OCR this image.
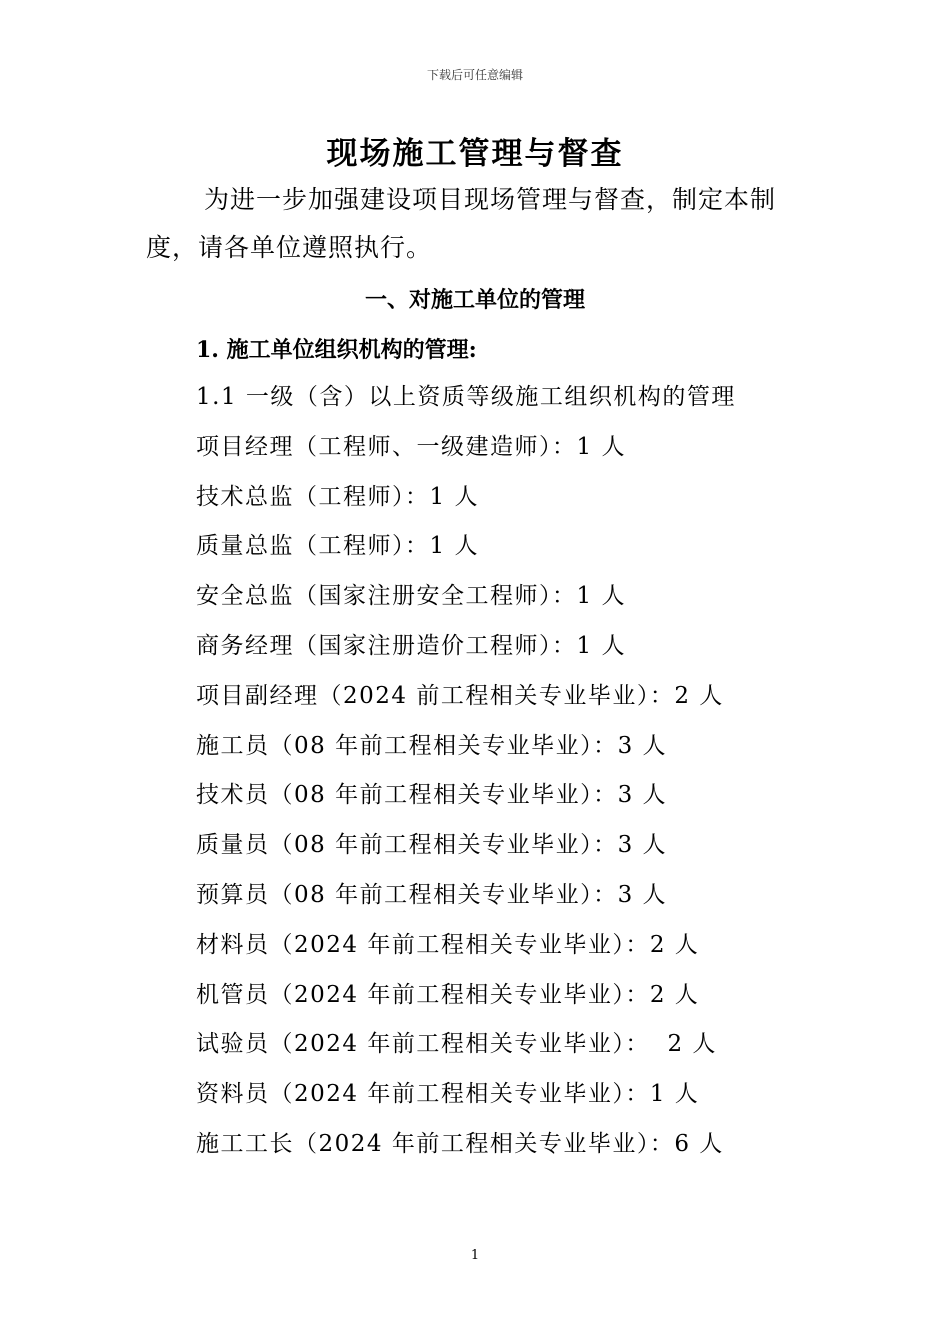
下载后可任意编辑
现场施工管理与督查

为进一步加强建设项目现场管理与督查，制定本制度，请各单位遵照执行。

一、对施工单位的管理
1. 施工单位组织机构的管理:
1.1 一级（含）以上资质等级施工组织机构的管理
项目经理（工程师、一级建造师）：1 人
技术总监（工程师）：1 人
质量总监（工程师）：1 人
安全总监（国家注册安全工程师）：1 人
商务经理（国家注册造价工程师）：1 人
项目副经理（2024 前工程相关专业毕业）：2 人
施工员（08 年前工程相关专业毕业）：3 人
技术员（08 年前工程相关专业毕业）：3 人
质量员（08 年前工程相关专业毕业）：3 人
预算员（08 年前工程相关专业毕业）：3 人
材料员（2024 年前工程相关专业毕业）：2 人
机管员（2024 年前工程相关专业毕业）：2 人
试验员（2024 年前工程相关专业毕业）：  2 人
资料员（2024 年前工程相关专业毕业）：1 人
施工工长（2024 年前工程相关专业毕业）：6 人
1
